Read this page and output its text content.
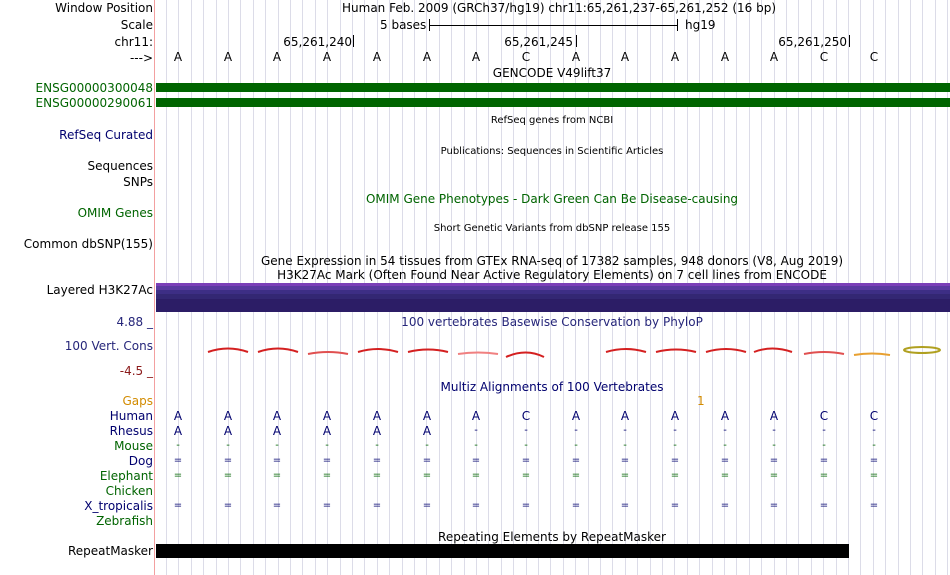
Window Position	Human Feb. 2009 (GRCh37/hg19) chr11:65,261,237-65,261,252 (16 bp)
Scale	5 bases	hg19
chr11:	65,261,240	65,261,245	65,261,250
---> A	A	A	A	A	A	A	C	A	A	A	A	A	C	C
GENCODE V49lift37
ENSG00000300048
ENSG00000290061
RefSeq genes from NCBI
RefSeq Curated
Publications: Sequences in Scientific Articles
Sequences
SNPs
OMIM Gene Phenotypes - Dark Green Can Be Disease-causing
OMIM Genes
Short Genetic Variants from dbSNP release 155
Common dbSNP(155)
Gene Expression in 54 tissues from GTEx RNA-seq of 17382 samples, 948 donors (V8, Aug 2019)
H3K27Ac Mark (Often Found Near Active Regulatory Elements) on 7 cell lines from ENCODE
Layered H3K27Ac
100 vertebrates Basewise Conservation by PhyloP
4.88 _
100 Vert. Cons
-4.5 _
Multiz Alignments of 100 Vertebrates
Gaps	1
Human A	A	A	A	A	A	A	C	A	A	A	A	A	C	C
Rhesus A	A	A	A	A	A	-	-	-	-	-	-	-	-	-
Mouse -	-	-	-	-	-	-	-	-	-	-	-	-	-	-
Dog =	=	=	=	=	=	=	=	=	=	=	=	=	=	=
Elephant =	=	=	=	=	=	=	=	=	=	=	=	=	=	=
Chicken
X_tropicalis =	=	=	=	=	=	=	=	=	=	=	=	=	=	=
Zebrafish
Repeating Elements by RepeatMasker
RepeatMasker
